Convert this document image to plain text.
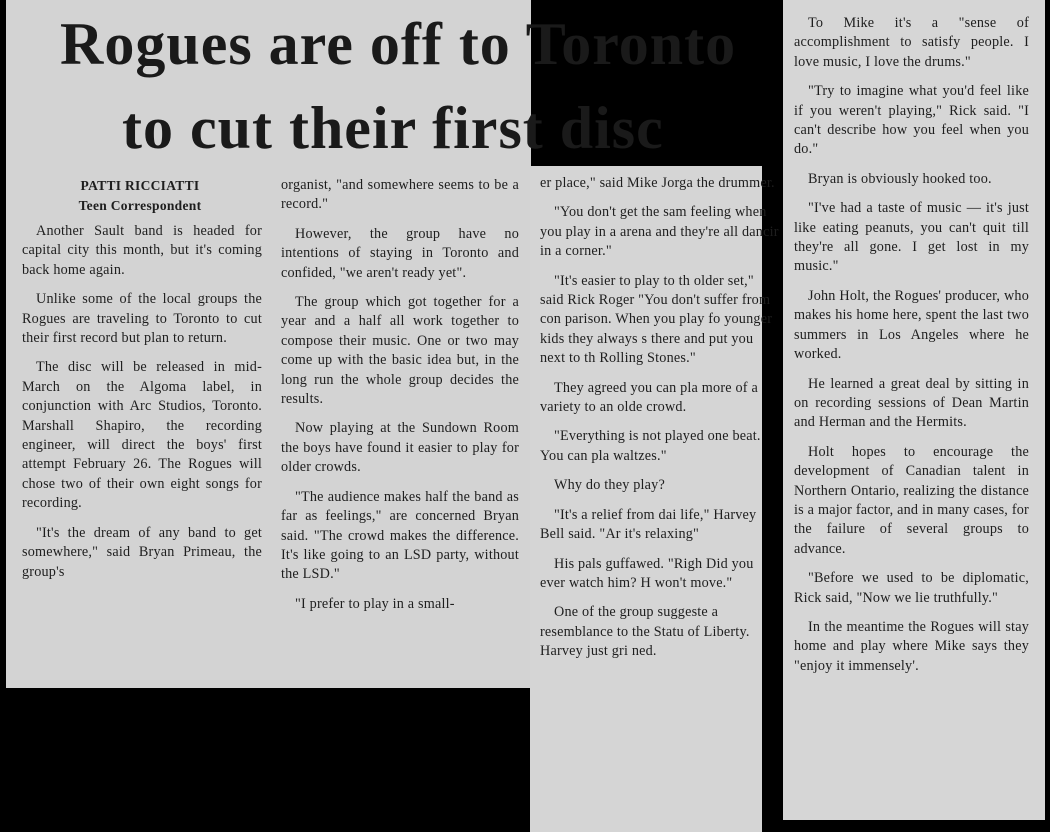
Rogues are off to Toronto
to cut their first disc
PATTI RICCIATTI
Teen Correspondent

Another Sault band is headed for capital city this month, but it's coming back home again.

Unlike some of the local groups the Rogues are traveling to Toronto to cut their first record but plan to return.

The disc will be released in mid-March on the Algoma label, in conjunction with Arc Studios, Toronto. Marshall Shapiro, the recording engineer, will direct the boys' first attempt February 26. The Rogues will chose two of their own eight songs for recording.

"It's the dream of any band to get somewhere," said Bryan Primeau, the group's

organist, "and somewhere seems to be a record."

However, the group have no intentions of staying in Toronto and confided, "we aren't ready yet".

The group which got together for a year and a half all work together to compose their music. One or two may come up with the basic idea but, in the long run the whole group decides the results.

Now playing at the Sundown Room the boys have found it easier to play for older crowds.

"The audience makes half the band as far as feelings," are concerned Bryan said. "The crowd makes the difference. It's like going to an LSD party, without the LSD."

"I prefer to play in a small-

er place," said Mike Jorga the drummer.

"You don't get the sam feeling when you play in a arena and they're all dancir in a corner."

"It's easier to play to th older set," said Rick Roger "You don't suffer from con parison. When you play fo younger kids they always s there and put you next to th Rolling Stones."

They agreed you can pla more of a variety to an olde crowd.

"Everything is not played one beat. You can pla waltzes."

Why do they play?

"It's a relief from dai life," Harvey Bell said. "Ar it's relaxing"

His pals guffawed. "Righ Did you ever watch him? H won't move."

One of the group suggeste a resemblance to the Statu of Liberty. Harvey just gri ned.

To Mike it's a "sense of accomplishment to satisfy people. I love music, I love the drums."

"Try to imagine what you'd feel like if you weren't playing," Rick said. "I can't describe how you feel when you do."

Bryan is obviously hooked too.

"I've had a taste of music — it's just like eating peanuts, you can't quit till they're all gone. I get lost in my music."

John Holt, the Rogues' producer, who makes his home here, spent the last two summers in Los Angeles where he worked.

He learned a great deal by sitting in on recording sessions of Dean Martin and Herman and the Hermits.

Holt hopes to encourage the development of Canadian talent in Northern Ontario, realizing the distance is a major factor, and in many cases, for the failure of several groups to advance.

"Before we used to be diplomatic, Rick said, "Now we lie truthfully."

In the meantime the Rogues will stay home and play where Mike says they "enjoy it immensely'.
